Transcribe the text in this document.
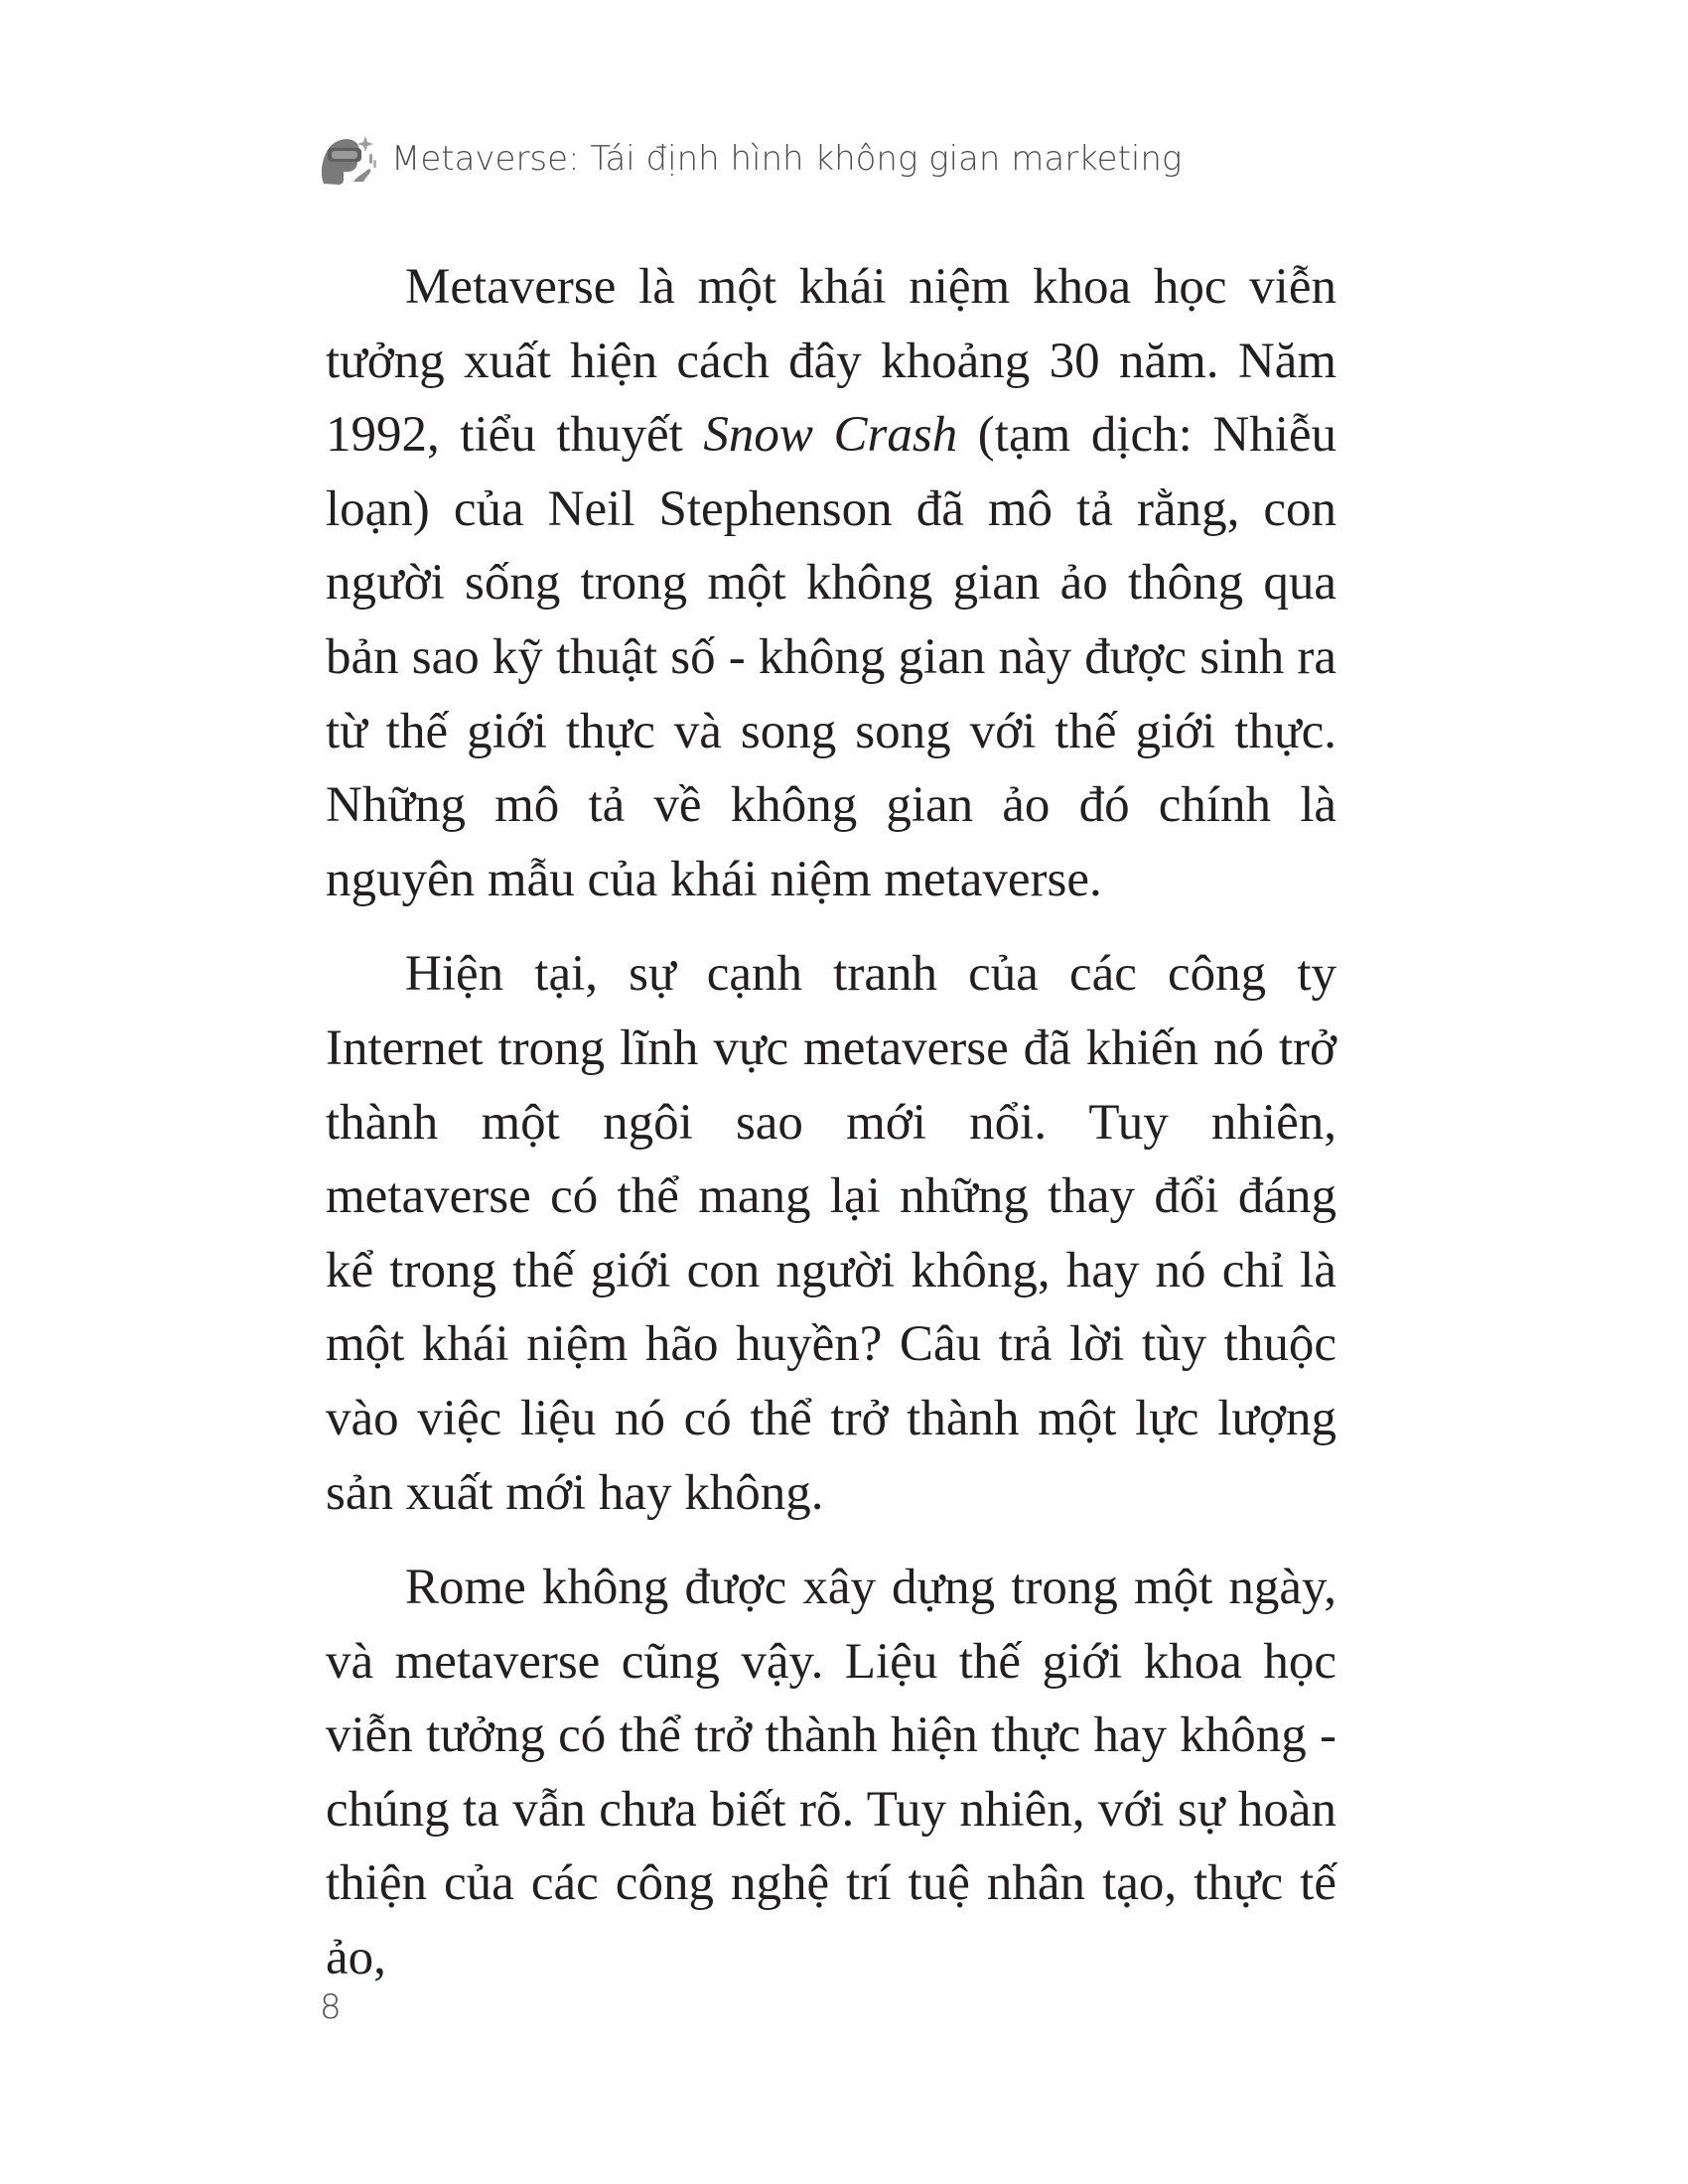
Metaverse: Tái định hình không gian marketing

Metaverse là một khái niệm khoa học viễn tưởng xuất hiện cách đây khoảng 30 năm. Năm 1992, tiểu thuyết Snow Crash (tạm dịch: Nhiễu loạn) của Neil Stephenson đã mô tả rằng, con người sống trong một không gian ảo thông qua bản sao kỹ thuật số - không gian này được sinh ra từ thế giới thực và song song với thế giới thực. Những mô tả về không gian ảo đó chính là nguyên mẫu của khái niệm metaverse.

Hiện tại, sự cạnh tranh của các công ty Internet trong lĩnh vực metaverse đã khiến nó trở thành một ngôi sao mới nổi. Tuy nhiên, metaverse có thể mang lại những thay đổi đáng kể trong thế giới con người không, hay nó chỉ là một khái niệm hão huyền? Câu trả lời tùy thuộc vào việc liệu nó có thể trở thành một lực lượng sản xuất mới hay không.

Rome không được xây dựng trong một ngày, và metaverse cũng vậy. Liệu thế giới khoa học viễn tưởng có thể trở thành hiện thực hay không - chúng ta vẫn chưa biết rõ. Tuy nhiên, với sự hoàn thiện của các công nghệ trí tuệ nhân tạo, thực tế ảo,

8
